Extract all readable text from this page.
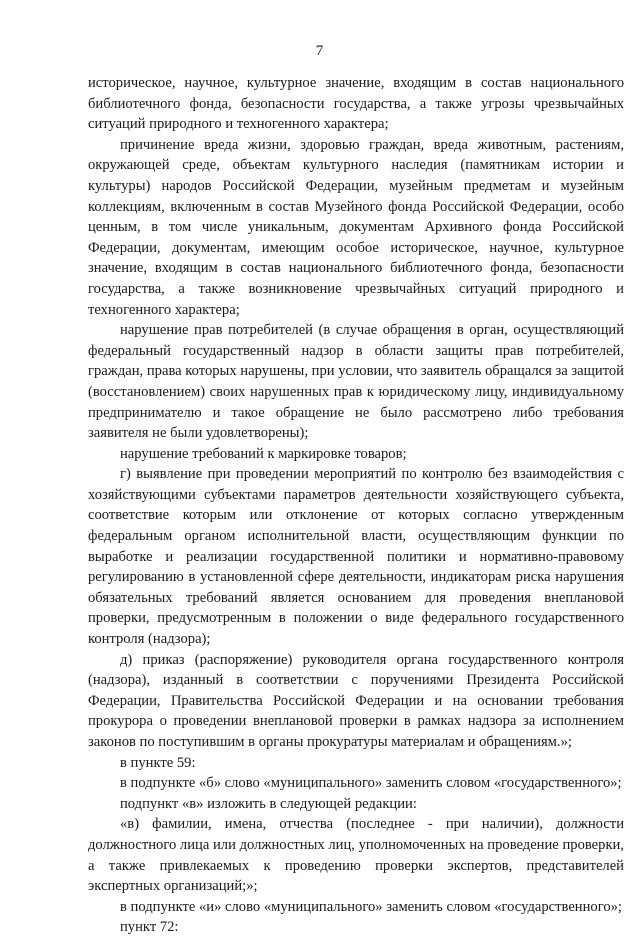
7

историческое, научное, культурное значение, входящим в состав национального библиотечного фонда, безопасности государства, а также угрозы чрезвычайных ситуаций природного и техногенного характера;

причинение вреда жизни, здоровью граждан, вреда животным, растениям, окружающей среде, объектам культурного наследия (памятникам истории и культуры) народов Российской Федерации, музейным предметам и музейным коллекциям, включенным в состав Музейного фонда Российской Федерации, особо ценным, в том числе уникальным, документам Архивного фонда Российской Федерации, документам, имеющим особое историческое, научное, культурное значение, входящим в состав национального библиотечного фонда, безопасности государства, а также возникновение чрезвычайных ситуаций природного и техногенного характера;

нарушение прав потребителей (в случае обращения в орган, осуществляющий федеральный государственный надзор в области защиты прав потребителей, граждан, права которых нарушены, при условии, что заявитель обращался за защитой (восстановлением) своих нарушенных прав к юридическому лицу, индивидуальному предпринимателю и такое обращение не было рассмотрено либо требования заявителя не были удовлетворены);

нарушение требований к маркировке товаров;

г) выявление при проведении мероприятий по контролю без взаимодействия с хозяйствующими субъектами параметров деятельности хозяйствующего субъекта, соответствие которым или отклонение от которых согласно утвержденным федеральным органом исполнительной власти, осуществляющим функции по выработке и реализации государственной политики и нормативно-правовому регулированию в установленной сфере деятельности, индикаторам риска нарушения обязательных требований является основанием для проведения внеплановой проверки, предусмотренным в положении о виде федерального государственного контроля (надзора);

д) приказ (распоряжение) руководителя органа государственного контроля (надзора), изданный в соответствии с поручениями Президента Российской Федерации, Правительства Российской Федерации и на основании требования прокурора о проведении внеплановой проверки в рамках надзора за исполнением законов по поступившим в органы прокуратуры материалам и обращениям.»;

в пункте 59:

в подпункте «б» слово «муниципального» заменить словом «государственного»;

подпункт «в» изложить в следующей редакции:

«в) фамилии, имена, отчества (последнее - при наличии), должности должностного лица или должностных лиц, уполномоченных на проведение проверки, а также привлекаемых к проведению проверки экспертов, представителей экспертных организаций;»;

в подпункте «и» слово «муниципального» заменить словом «государственного»;

пункт 72:
